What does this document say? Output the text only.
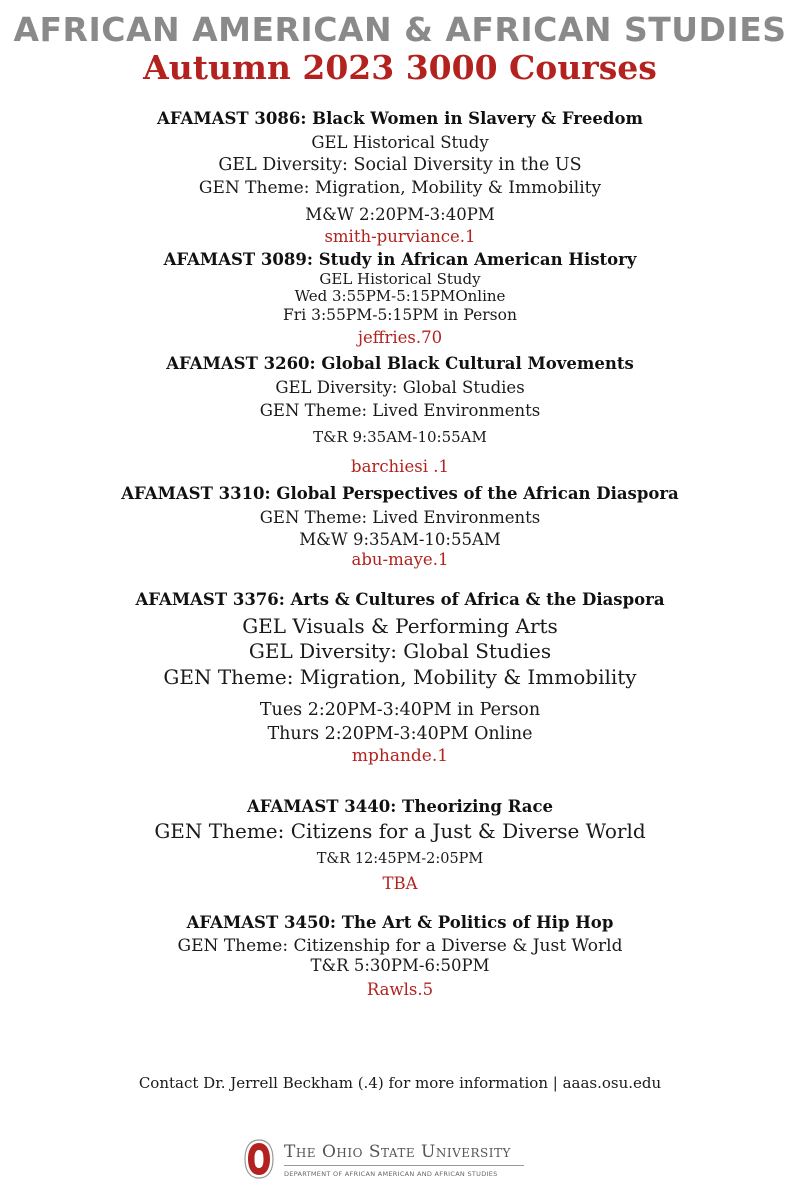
AFRICAN AMERICAN & AFRICAN STUDIES
Autumn 2023 3000 Courses
AFAMAST 3086: Black Women in Slavery & Freedom
GEL Historical Study
GEL Diversity: Social Diversity in the US
GEN Theme: Migration, Mobility & Immobility
M&W 2:20PM-3:40PM
smith-purviance.1
AFAMAST 3089: Study in African American History
GEL Historical Study
Wed 3:55PM-5:15PMOnline
Fri 3:55PM-5:15PM in Person
jeffries.70
AFAMAST 3260: Global Black Cultural Movements
GEL Diversity: Global Studies
GEN Theme: Lived Environments
T&R 9:35AM-10:55AM
barchiesi .1
AFAMAST 3310: Global Perspectives of the African Diaspora
GEN Theme: Lived Environments
M&W 9:35AM-10:55AM
abu-maye.1
AFAMAST 3376: Arts & Cultures of Africa & the Diaspora
GEL Visuals & Performing Arts
GEL Diversity: Global Studies
GEN Theme: Migration, Mobility & Immobility
Tues 2:20PM-3:40PM in Person
Thurs 2:20PM-3:40PM Online
mphande.1
AFAMAST 3440: Theorizing Race
GEN Theme: Citizens for a Just & Diverse World
T&R 12:45PM-2:05PM
TBA
AFAMAST 3450: The Art & Politics of Hip Hop
GEN Theme: Citizenship for a Diverse & Just World
T&R 5:30PM-6:50PM
Rawls.5
Contact Dr. Jerrell Beckham (.4) for more information | aaas.osu.edu
The Ohio State University
DEPARTMENT OF AFRICAN AMERICAN AND AFRICAN STUDIES
